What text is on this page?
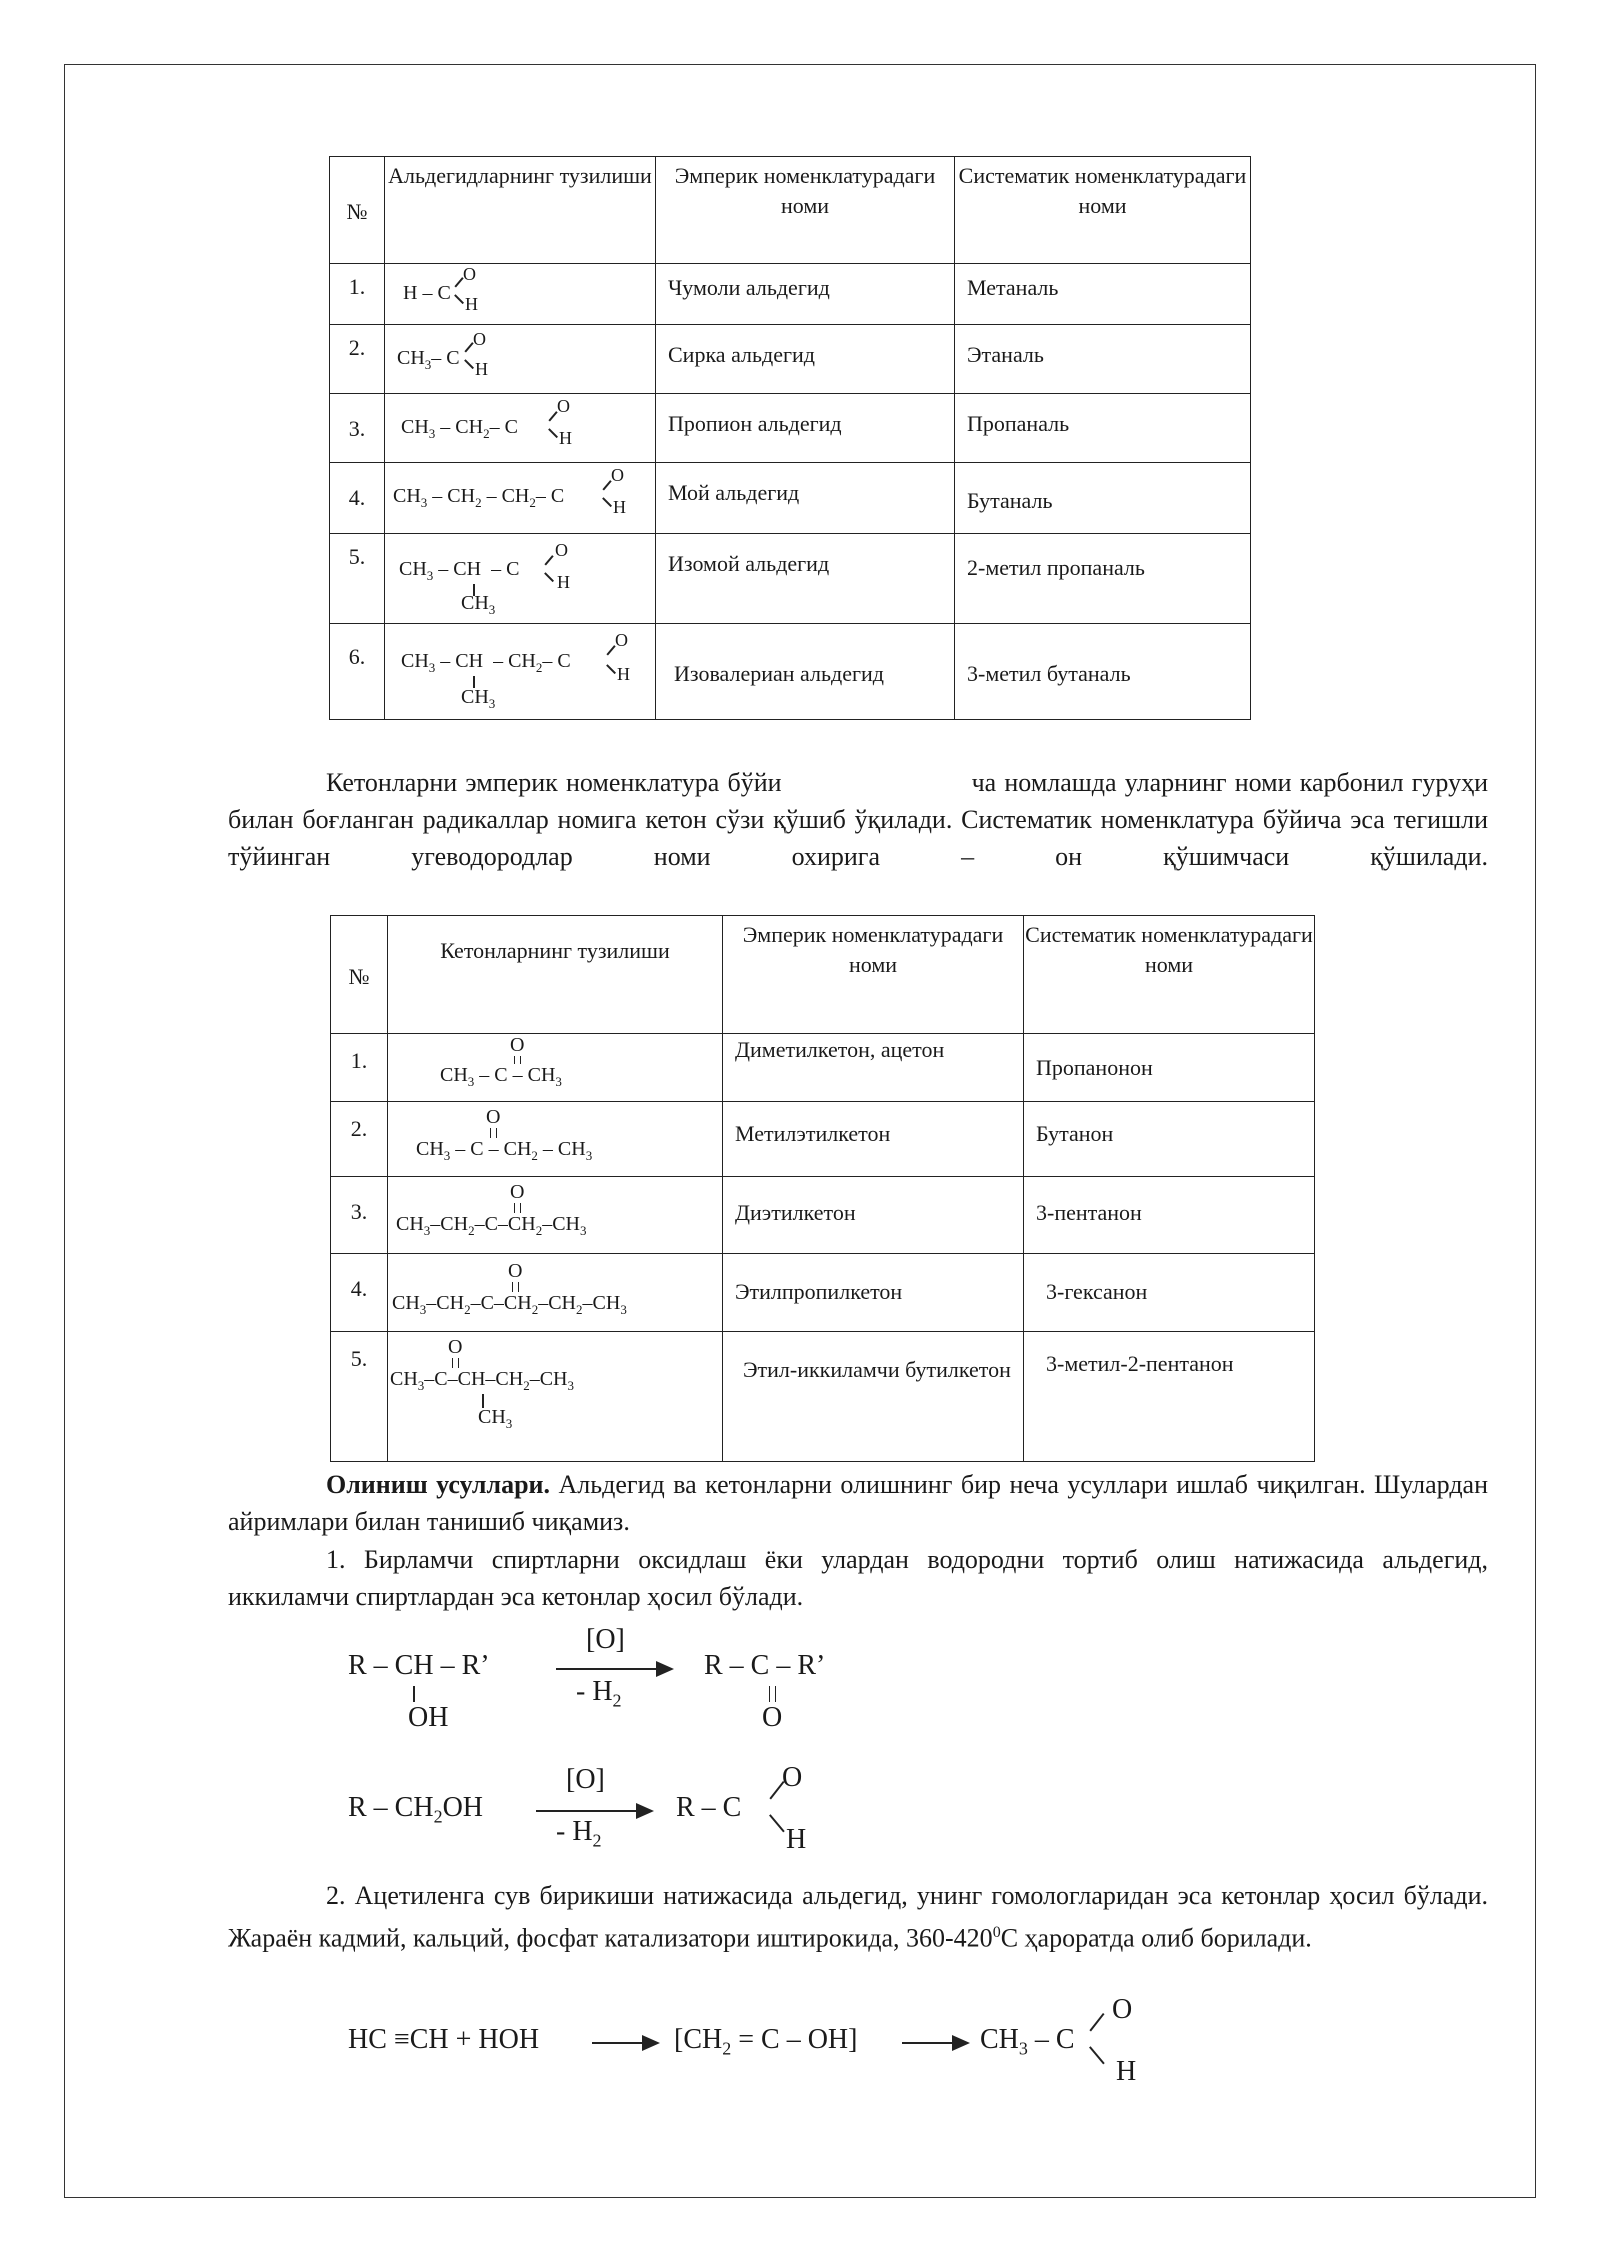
№	Альдегидларнинг тузилиши	Эмперик номенклатурадаги номи	Систематик номенклатурадаги номи
1.	H – C
O
H	Чумоли альдегид	Метаналь
2.	$CH_3-$ C
O
H	Сирка альдегид	Этаналь
3.	$CH_3 - CH_2-$ C
O
H	Пропион альдегид	Пропаналь
4.	$CH_3 - CH_2 - CH_2-$ C
O
H	Мой альдегид	Бутаналь
5.	$CH_3$ – CH  – C
O
H
$CH_3$	Изомой альдегид	2-метил пропаналь
6.	$CH_3$ – CH  – $CH_2-$ C
O
H
$CH_3$	Изовалериан альдегид	3-метил бутаналь

Кетонларни эмперик номенклатура бўйи	ча номлашда уларнинг номи карбонил гуруҳи билан боғланган радикаллар номига кетон сўзи қўшиб ўқилади. Систематик номенклатура бўйича эса тегишли тўйинган угеводородлар номи охирига – он қўшимчаси қўшилади.

№	Кетонларнинг тузилиши	Эмперик номенклатурадаги номи	Систематик номенклатурадаги номи
1.	O
$CH_3$ – C – $CH_3$	Диметилкетон, ацетон	Пропанонон
2.	O
$CH_3$ – C – $CH_2 - CH_3$	Метилэтилкетон	Бутанон
3.	O
$CH_3-CH_2-C-CH_2-CH_3$	Диэтилкетон	3-пентанон
4.	O
$CH_3-CH_2-C-CH_2-CH_2-CH_3$	Этилпропилкетон	3-гексанон
5.	O
$CH_3-C-CH-CH_2-CH_3$
$CH_3$	Этил-иккиламчи бутилкетон	3-метил-2-пентанон

Олиниш усуллари. Альдегид ва кетонларни олишнинг бир неча усуллари ишлаб чиқилган. Шулардан айримлари билан танишиб чиқамиз.

1. Бирламчи спиртларни оксидлаш ёки улардан водородни тортиб олиш натижасида альдегид, иккиламчи спиртлардан эса кетонлар ҳосил бўлади.

R – CH – R’
OH
[O]
- $H_2$
R – C – R’
O
R – $CH_2OH$
[O]
- $H_2$
R – C
O
H

2. Ацетиленга сув бирикиши натижасида альдегид, унинг гомологларидан эса кетонлар ҳосил бўлади. Жараён кадмий, кальций, фосфат катализатори иштирокида, $360-420^0С$ ҳароратда олиб борилади.

HC ≡CH + HOH	$[CH_2 = C - OH]$	$CH_3$ – C
O
H
